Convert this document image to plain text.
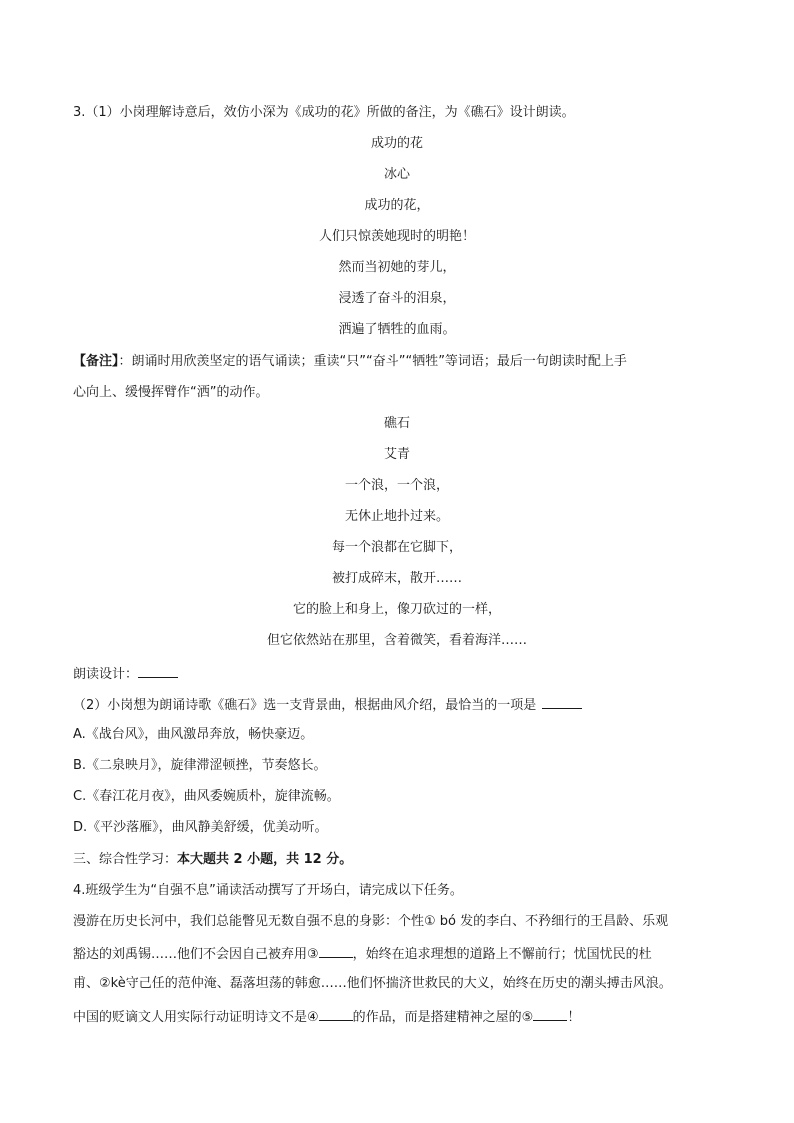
3.（1）小岗理解诗意后，效仿小深为《成功的花》所做的备注，为《礁石》设计朗读。
成功的花
冰心
成功的花，
人们只惊羡她现时的明艳！
然而当初她的芽儿，
浸透了奋斗的泪泉，
洒遍了牺牲的血雨。
【备注】：朗诵时用欣羡坚定的语气诵读；重读“只”“奋斗”“牺牲”等词语；最后一句朗读时配上手
心向上、缓慢挥臂作“洒”的动作。
礁石
艾青
一个浪，一个浪，
无休止地扑过来。
每一个浪都在它脚下，
被打成碎末，散开……
它的脸上和身上，像刀砍过的一样，
但它依然站在那里，含着微笑，看着海洋……
朗读设计：
（2）小岗想为朗诵诗歌《礁石》选一支背景曲，根据曲风介绍，最恰当的一项是
A.《战台风》，曲风激昂奔放，畅快豪迈。
B.《二泉映月》，旋律滞涩顿挫，节奏悠长。
C.《春江花月夜》，曲风委婉质朴，旋律流畅。
D.《平沙落雁》，曲风静美舒缓，优美动听。
三、综合性学习：本大题共 2 小题，共 12 分。
4.班级学生为“自强不息”诵读活动撰写了开场白，请完成以下任务。
漫游在历史长河中，我们总能瞥见无数自强不息的身影：个性① bó 发的李白、不矜细行的王昌龄、乐观
豁达的刘禹锡……他们不会因自己被弃用③	，始终在追求理想的道路上不懈前行；忧国忧民的杜
甫、②kè守己任的范仲淹、磊落坦荡的韩愈……他们怀揣济世救民的大义，始终在历史的潮头搏击风浪。
中国的贬谪文人用实际行动证明诗文不是④	的作品，而是搭建精神之屋的⑤	！
